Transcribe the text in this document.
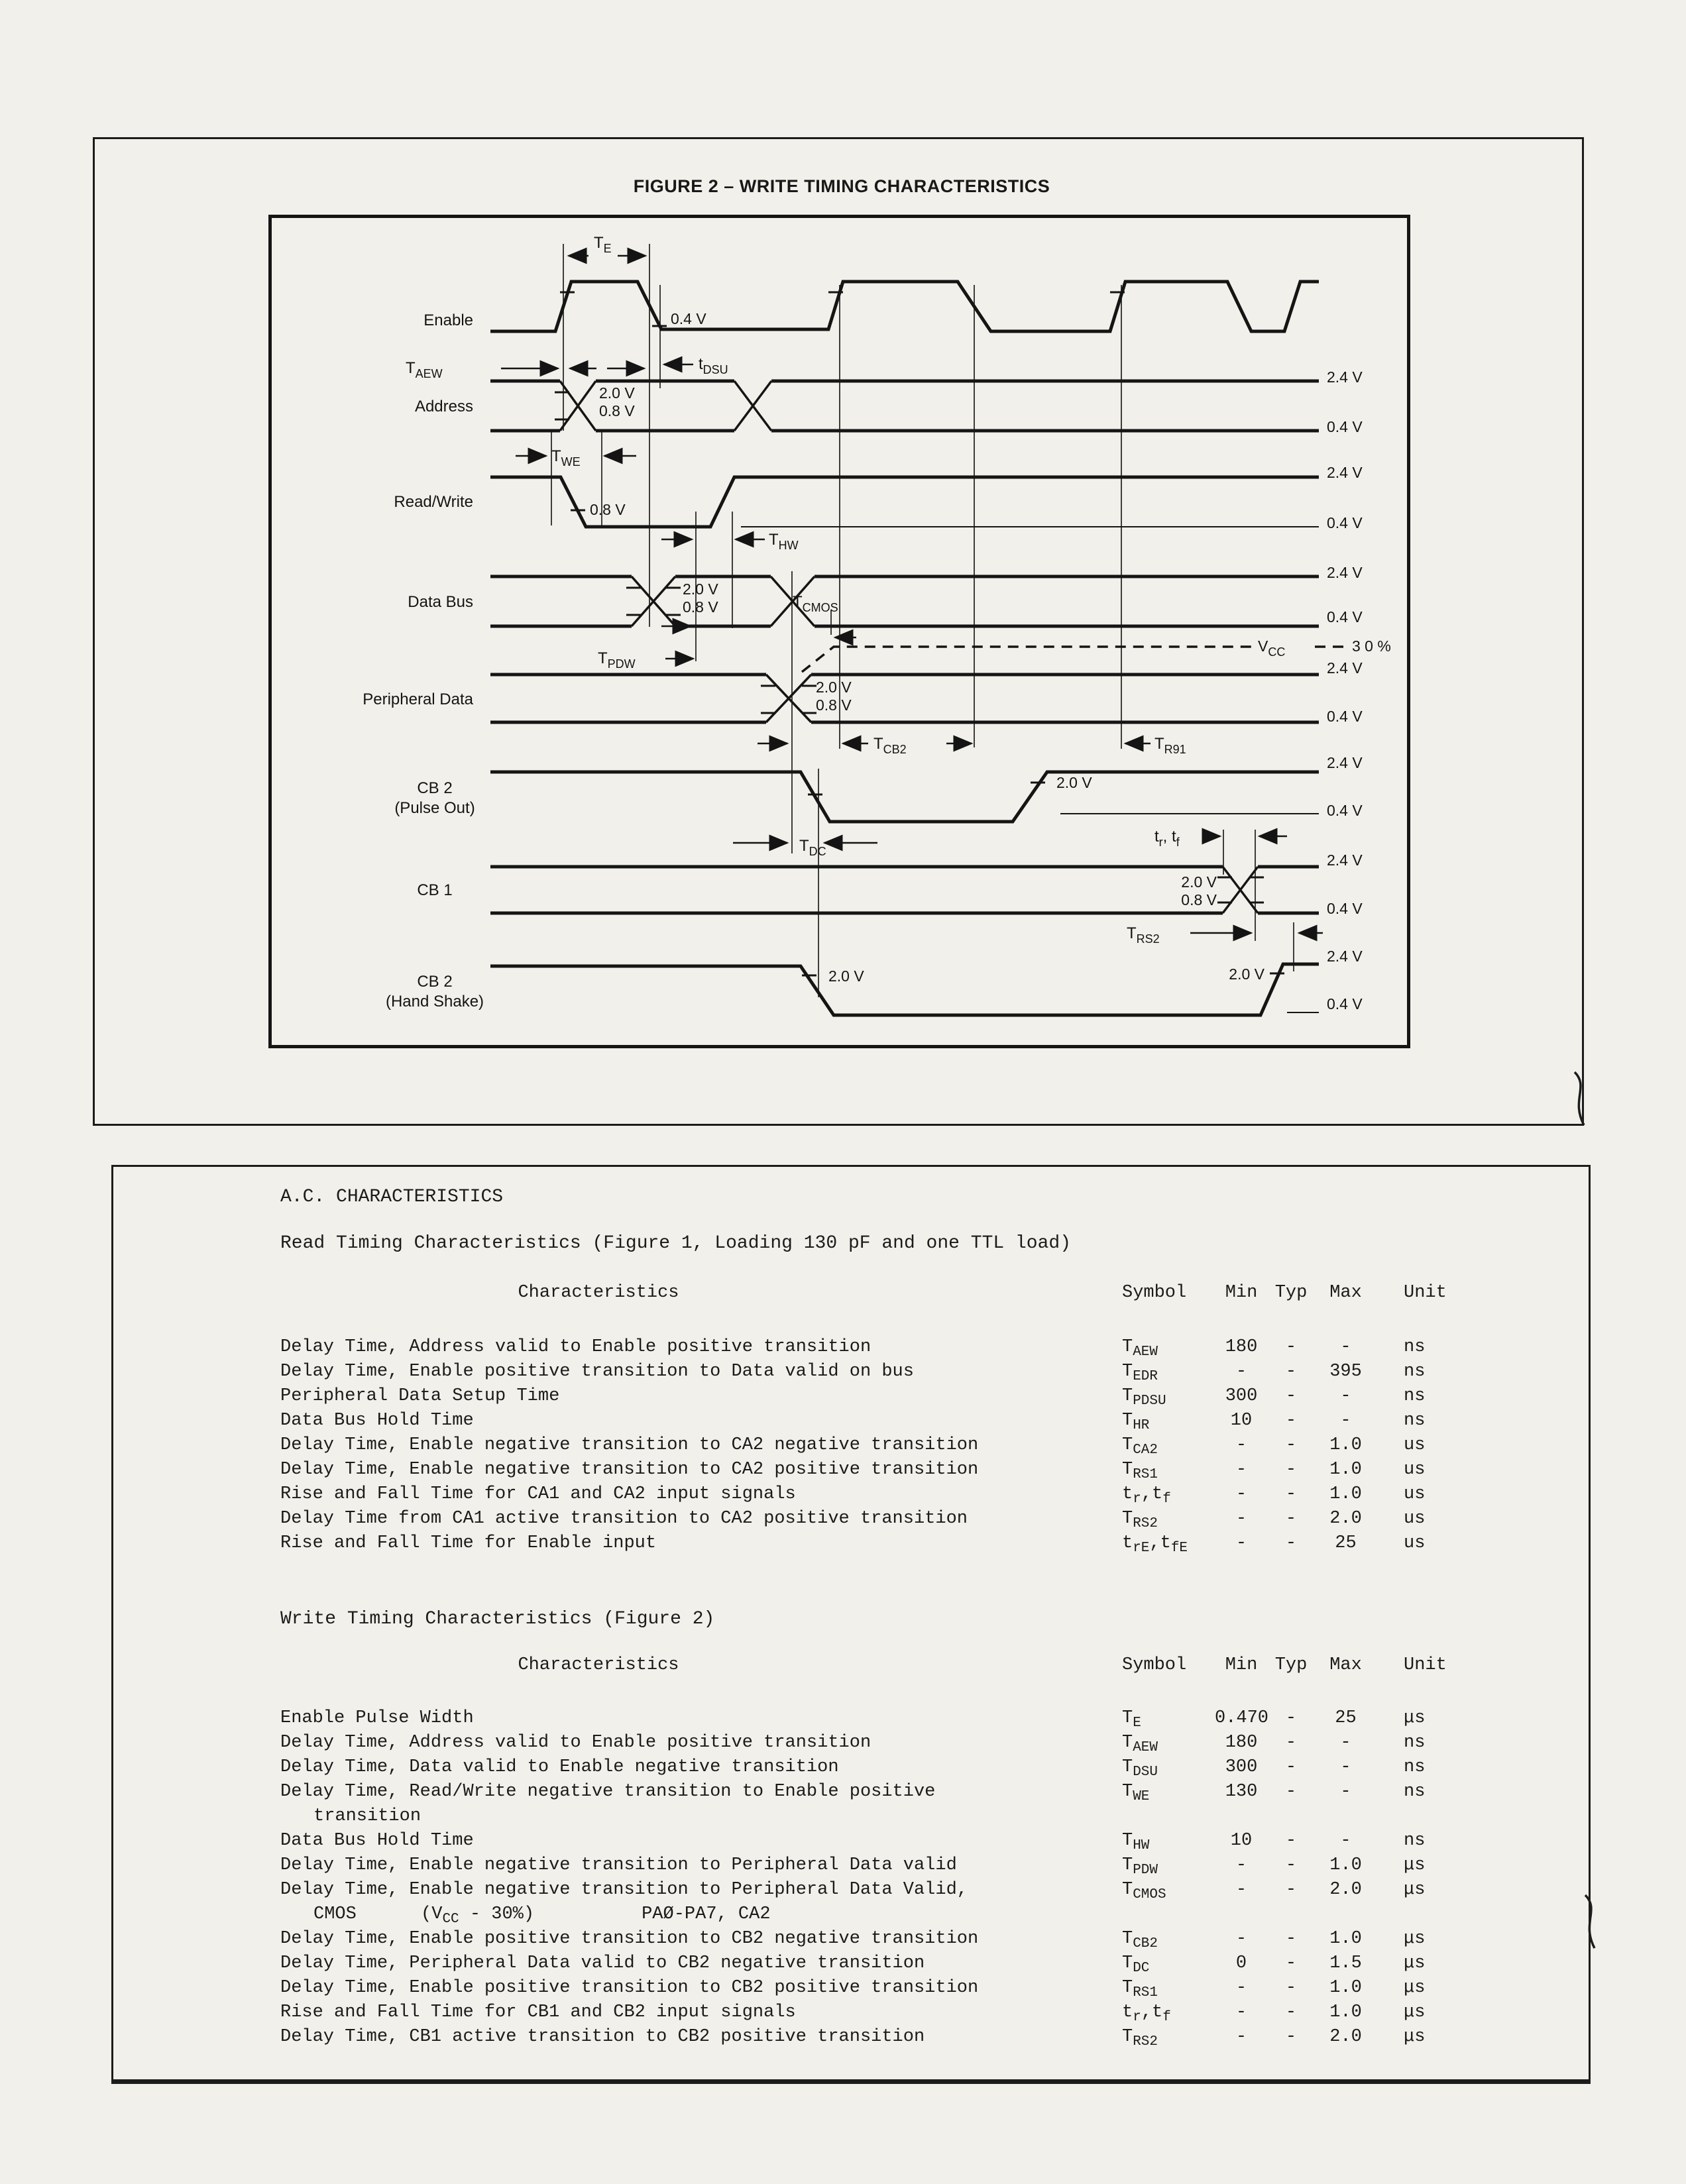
FIGURE 2 – WRITE TIMING CHARACTERISTICS
Enable
Address
Read/Write
Data Bus
Peripheral Data
CB 2
(Pulse Out)
CB 1
CB 2
(Hand Shake)
0.4 V
2.0 V
0.8 V
2.4 V
0.4 V
0.8 V
2.4 V
0.4 V
2.0 V
0.8 V
2.4 V
0.4 V
$V_{CC}$	3 0 %
2.0 V
0.8 V
2.4 V
0.4 V
2.0 V
2.4 V
0.4 V
2.0 V
0.8 V
2.4 V
0.4 V
2.0 V	2.0 V
2.4 V
0.4 V
$T_E$
$T_{AEW}$
$t_{DSU}$
$T_{WE}$
$T_{HW}$
$T_{CMOS}$
$T_{PDW}$
$T_{CB2}$	$T_{R91}$
$T_{DC}$
$t_r$, $t_f$
$T_{RS2}$
A.C. CHARACTERISTICS
Read Timing Characteristics (Figure 1, Loading 130 pF and one TTL load)
Characteristics	Symbol	Min Typ	Max	Unit
Delay Time, Address valid to Enable positive transition	$T_{AEW}$	180	-	-	ns
Delay Time, Enable positive transition to Data valid on bus	$T_{EDR}$	-	-	395	ns
Peripheral Data Setup Time	$T_{PDSU}$	300	-	-	ns
Data Bus Hold Time	$T_{HR}$	10	-	-	ns
Delay Time, Enable negative transition to CA2 negative transition	$T_{CA2}$	-	-	1.0	us
Delay Time, Enable negative transition to CA2 positive transition	$T_{RS1}$	-	-	1.0	us
Rise and Fall Time for CA1 and CA2 input signals	$t_r,t_f$	-	-	1.0	us
Delay Time from CA1 active transition to CA2 positive transition	$T_{RS2}$	-	-	2.0	us
Rise and Fall Time for Enable input	$t_{rE},t_{fE}$	-	-	25	us
Write Timing Characteristics (Figure 2)
Characteristics	Symbol	Min Typ	Max	Unit
Enable Pulse Width	$T_E$	0.470 -	25	μs
Delay Time, Address valid to Enable positive transition	$T_{AEW}$	180	-	-	ns
Delay Time, Data valid to Enable negative transition	$T_{DSU}$	300	-	-	ns
Delay Time, Read/Write negative transition to Enable positive	$T_{WE}$	130	-	-	ns
transition
Data Bus Hold Time	$T_{HW}$	10	-	-	ns
Delay Time, Enable negative transition to Peripheral Data valid	$T_{PDW}$	-	-	1.0	μs
Delay Time, Enable negative transition to Peripheral Data Valid,	$T_{CMOS}$	-	-	2.0	μs
CMOS      $(V_{CC} - 30\%)$          PAØ-PA7, CA2
Delay Time, Enable positive transition to CB2 negative transition	$T_{CB2}$	-	-	1.0	μs
Delay Time, Peripheral Data valid to CB2 negative transition	$T_{DC}$	0	-	1.5	μs
Delay Time, Enable positive transition to CB2 positive transition	$T_{RS1}$	-	-	1.0	μs
Rise and Fall Time for CB1 and CB2 input signals	$t_r,t_f$	-	-	1.0	μs
Delay Time, CB1 active transition to CB2 positive transition	$T_{RS2}$	-	-	2.0	μs
